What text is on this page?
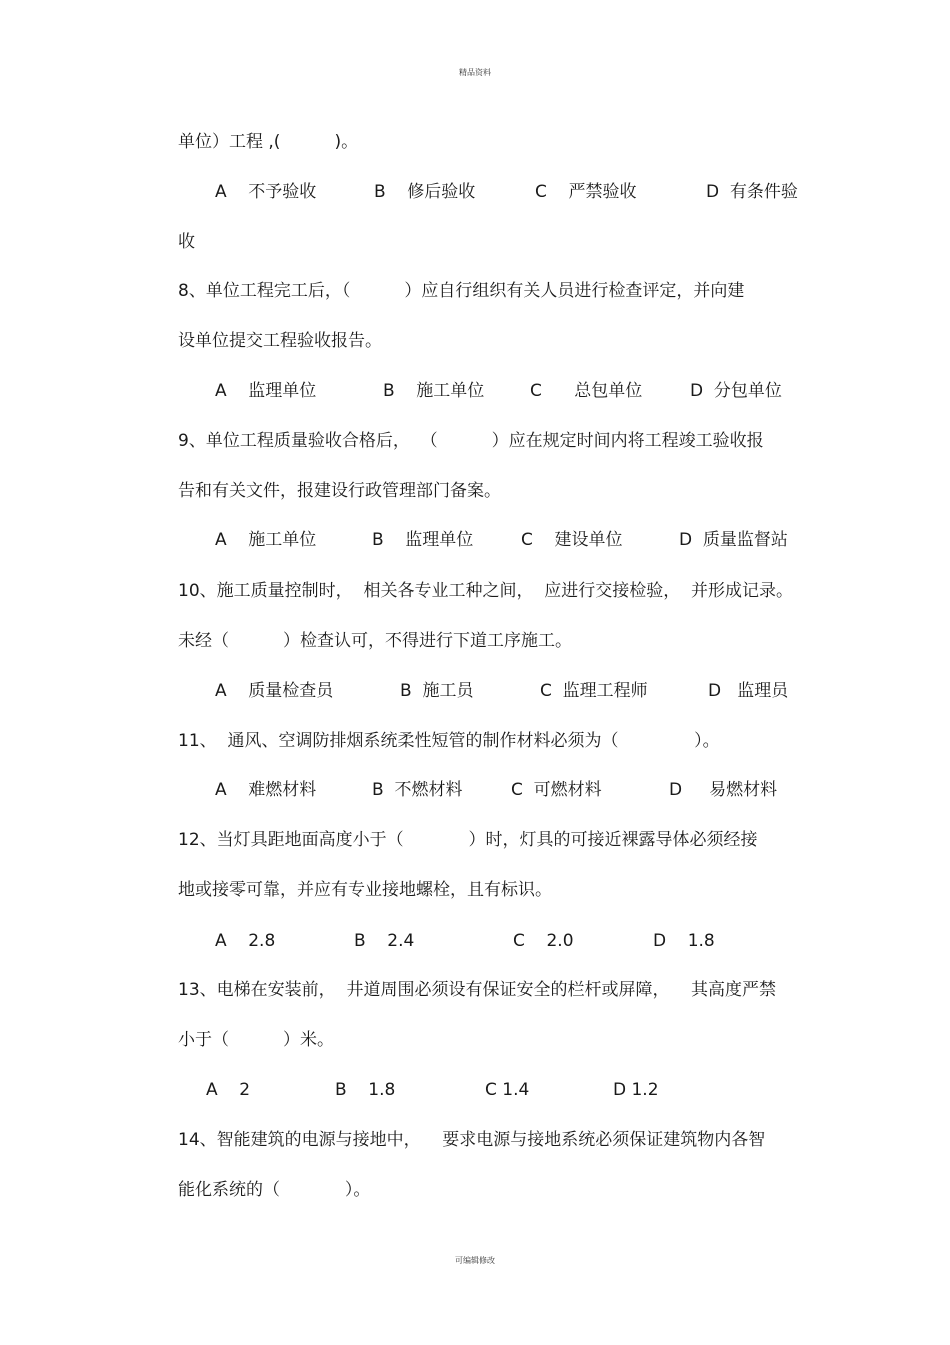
精品资料
单位）工程 ,(          )。
A    不予验收	B    修后验收	C    严禁验收	D  有条件验
收
8、单位工程完工后，（          ）应自行组织有关人员进行检查评定，并向建
设单位提交工程验收报告。
A    监理单位	B    施工单位	C      总包单位	D  分包单位
9、单位工程质量验收合格后，  （          ）应在规定时间内将工程竣工验收报
告和有关文件，报建设行政管理部门备案。
A    施工单位	B    监理单位	C    建设单位	D  质量监督站
10、施工质量控制时，  相关各专业工种之间，  应进行交接检验，  并形成记录。
未经（          ）检查认可，不得进行下道工序施工。
A    质量检查员	B  施工员	C  监理工程师	D   监理员
11、  通风、空调防排烟系统柔性短管的制作材料必须为（              ）。
A    难燃材料	B  不燃材料	C  可燃材料	D     易燃材料
12、当灯具距地面高度小于（            ）时，灯具的可接近裸露导体必须经接
地或接零可靠，并应有专业接地螺栓，且有标识。
A    2.8	B    2.4	C    2.0	D    1.8
13、电梯在安装前，  井道周围必须设有保证安全的栏杆或屏障，    其高度严禁
小于（          ）米。
A    2	B    1.8	C 1.4	D 1.2
14、智能建筑的电源与接地中，    要求电源与接地系统必须保证建筑物内各智
能化系统的（            ）。
可编辑修改
